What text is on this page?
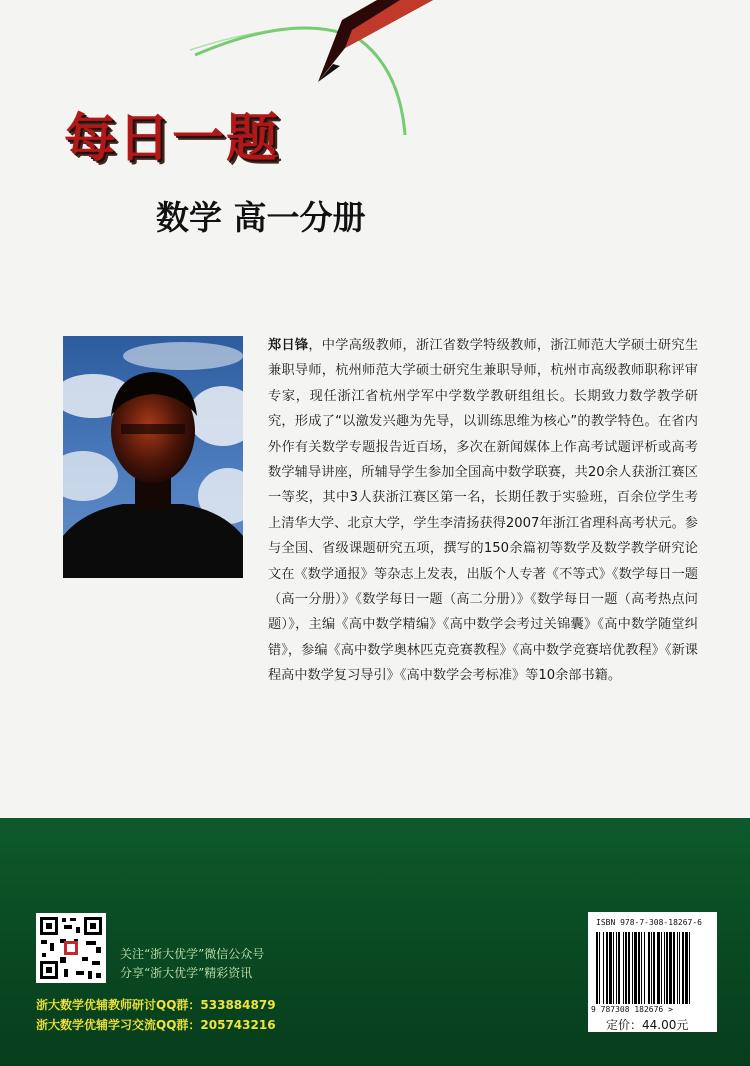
每日一题
数学 高一分册
郑日锋，中学高级教师，浙江省数学特级教师，浙江师范大学硕士研究生兼职导师，杭州师范大学硕士研究生兼职导师，杭州市高级教师职称评审专家，现任浙江省杭州学军中学数学教研组组长。长期致力数学教学研究，形成了“以激发兴趣为先导，以训练思维为核心”的教学特色。在省内外作有关数学专题报告近百场，多次在新闻媒体上作高考试题评析或高考数学辅导讲座，所辅导学生参加全国高中数学联赛，共20余人获浙江赛区一等奖，其中3人获浙江赛区第一名，长期任教于实验班，百余位学生考上清华大学、北京大学，学生李清扬获得2007年浙江省理科高考状元。参与全国、省级课题研究五项，撰写的150余篇初等数学及数学教学研究论文在《数学通报》等杂志上发表，出版个人专著《不等式》《数学每日一题（高一分册）》《数学每日一题（高二分册）》《数学每日一题（高考热点问题）》，主编《高中数学精编》《高中数学会考过关锦囊》《高中数学随堂纠错》，参编《高中数学奥林匹克竞赛教程》《高中数学竞赛培优教程》《新课程高中数学复习导引》《高中数学会考标准》等10余部书籍。
关注“浙大优学”微信公众号
分享“浙大优学”精彩资讯
浙大数学优辅教师研讨QQ群：533884879
浙大数学优辅学习交流QQ群：205743216
ISBN 978-7-308-18267-6
9 787308 182676 >
定价：44.00元
